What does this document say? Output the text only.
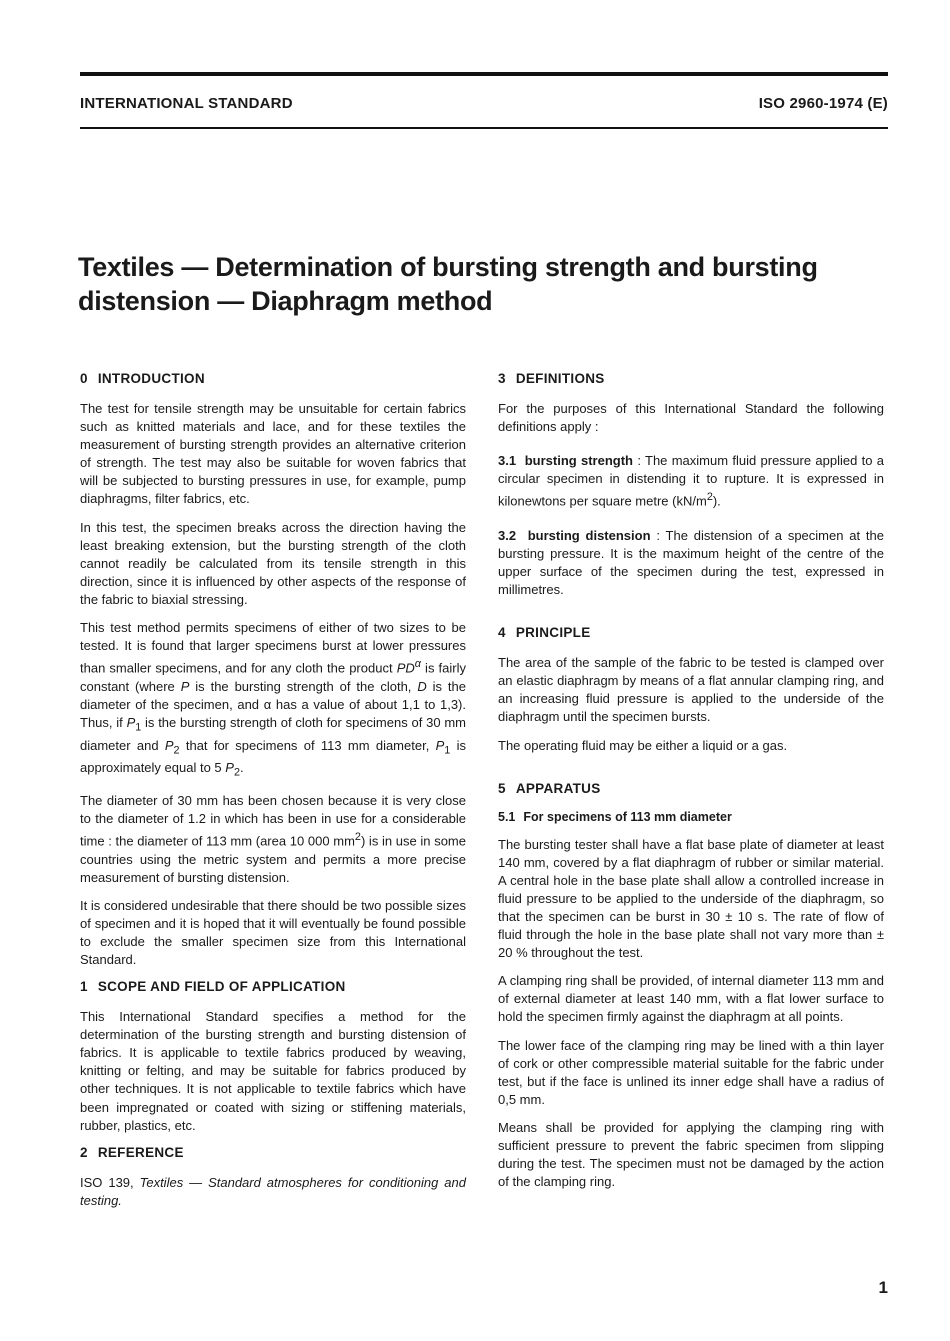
INTERNATIONAL STANDARD	ISO 2960-1974 (E)
Textiles — Determination of bursting strength and bursting distension — Diaphragm method
0 INTRODUCTION

The test for tensile strength may be unsuitable for certain fabrics such as knitted materials and lace, and for these textiles the measurement of bursting strength provides an alternative criterion of strength. The test may also be suitable for woven fabrics that will be subjected to bursting pressures in use, for example, pump diaphragms, filter fabrics, etc.

In this test, the specimen breaks across the direction having the least breaking extension, but the bursting strength of the cloth cannot readily be calculated from its tensile strength in this direction, since it is influenced by other aspects of the response of the fabric to biaxial stressing.

This test method permits specimens of either of two sizes to be tested. It is found that larger specimens burst at lower pressures than smaller specimens, and for any cloth the product $PD^\alpha$ is fairly constant (where P is the bursting strength of the cloth, D is the diameter of the specimen, and α has a value of about 1,1 to 1,3). Thus, if $P_1$ is the bursting strength of cloth for specimens of 30 mm diameter and $P_2$ that for specimens of 113 mm diameter, $P_1$ is approximately equal to 5 $P_2$.

The diameter of 30 mm has been chosen because it is very close to the diameter of 1.2 in which has been in use for a considerable time : the diameter of 113 mm (area 10 000 $mm^2$) is in use in some countries using the metric system and permits a more precise measurement of bursting distension.

It is considered undesirable that there should be two possible sizes of specimen and it is hoped that it will eventually be found possible to exclude the smaller specimen size from this International Standard.

1 SCOPE AND FIELD OF APPLICATION

This International Standard specifies a method for the determination of the bursting strength and bursting distension of fabrics. It is applicable to textile fabrics produced by weaving, knitting or felting, and may be suitable for fabrics produced by other techniques. It is not applicable to textile fabrics which have been impregnated or coated with sizing or stiffening materials, rubber, plastics, etc.

2 REFERENCE

ISO 139, Textiles — Standard atmospheres for conditioning and testing.

3 DEFINITIONS

For the purposes of this International Standard the following definitions apply :

3.1 bursting strength : The maximum fluid pressure applied to a circular specimen in distending it to rupture. It is expressed in kilonewtons per square metre $(kN/m^2)$.

3.2 bursting distension : The distension of a specimen at the bursting pressure. It is the maximum height of the centre of the upper surface of the specimen during the test, expressed in millimetres.

4 PRINCIPLE

The area of the sample of the fabric to be tested is clamped over an elastic diaphragm by means of a flat annular clamping ring, and an increasing fluid pressure is applied to the underside of the diaphragm until the specimen bursts.

The operating fluid may be either a liquid or a gas.

5 APPARATUS
5.1 For specimens of 113 mm diameter

The bursting tester shall have a flat base plate of diameter at least 140 mm, covered by a flat diaphragm of rubber or similar material. A central hole in the base plate shall allow a controlled increase in fluid pressure to be applied to the underside of the diaphragm, so that the specimen can be burst in 30 ± 10 s. The rate of flow of fluid through the hole in the base plate shall not vary more than ± 20 % throughout the test.

A clamping ring shall be provided, of internal diameter 113 mm and of external diameter at least 140 mm, with a flat lower surface to hold the specimen firmly against the diaphragm at all points.

The lower face of the clamping ring may be lined with a thin layer of cork or other compressible material suitable for the fabric under test, but if the face is unlined its inner edge shall have a radius of 0,5 mm.

Means shall be provided for applying the clamping ring with sufficient pressure to prevent the fabric specimen from slipping during the test. The specimen must not be damaged by the action of the clamping ring.

1
